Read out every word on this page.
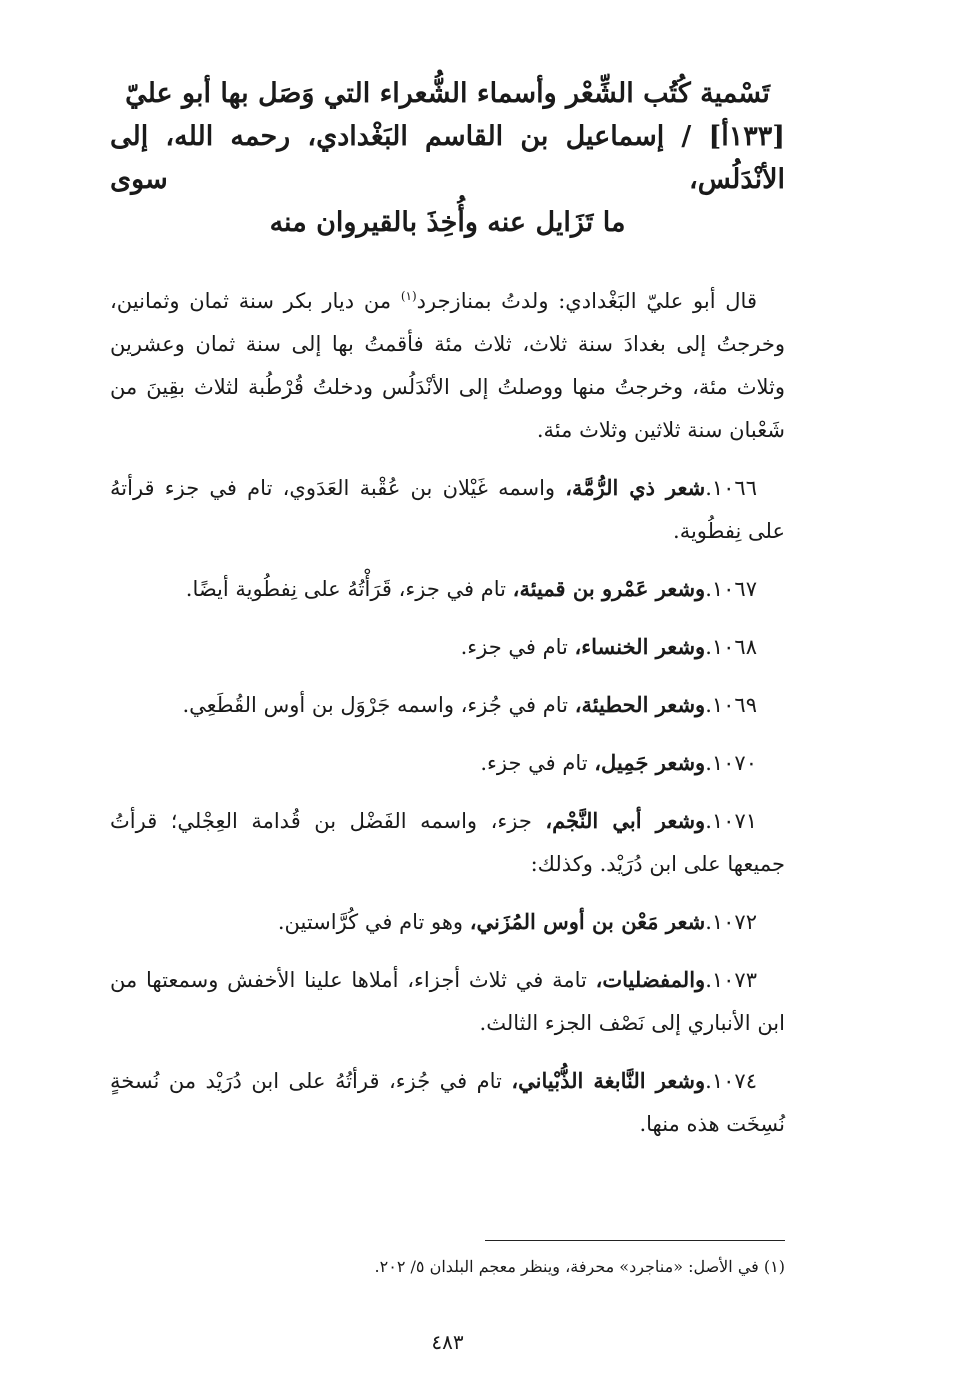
تَسْمية كُتُب الشِّعْر وأسماء الشُّعراء التي وَصَل بها أبو عليّ
[١٣٣أ] / إسماعيل بن القاسم البَغْدادي، رحمه الله، إلى الأنْدَلُس، سوى
ما تَزَايل عنه وأُخِذَ بالقيروان منه

قال أبو عليّ البَغْدادي: ولدتُ بمنازجرد$^{(١)}$ من ديار بكر سنة ثمان وثمانين، وخرجتُ إلى بغدادَ سنة ثلاث، ثلاث مئة فأقمتُ بها إلى سنة ثمان وعشرين وثلاث مئة، وخرجتُ منها ووصلتُ إلى الأنْدَلُس ودخلتُ قُرْطُبة لثلاث بقِينَ من شَعْبان سنة ثلاثين وثلاث مئة.

١٠٦٦.شعر ذي الرُّمَّة، واسمه غَيْلان بن عُقْبة العَدَوي، تام في جزء قرأتهُ على نِفطُوية.

١٠٦٧.وشعر عَمْرو بن قميئة، تام في جزء، قَرَأْتُهُ على نِفطُوية أيضًا.

١٠٦٨.وشعر الخنساء، تام في جزء.

١٠٦٩.وشعر الحطيئة، تام في جُزء، واسمه جَرْوَل بن أوس القُطَعِي.

١٠٧٠.وشعر جَمِيل، تام في جزء.

١٠٧١.وشعر أبي النَّجْم، جزء، واسمه الفَضْل بن قُدامة العِجْلي؛ قرأتُ جميعها على ابن دُرَيْد. وكذلك:

١٠٧٢.شعر مَعْن بن أوس المُزَني، وهو تام في كُرَّاستين.

١٠٧٣.والمفضليات، تامة في ثلاث أجزاء، أملاها علينا الأخفش وسمعتها من ابن الأنباري إلى نَصْف الجزء الثالث.

١٠٧٤.وشعر النَّابغة الذُّبْياني، تام في جُزء، قرأتُهُ على ابن دُرَيْد من نُسخةٍ نُسِخَت هذه منها.

(١) في الأصل: «مناجرد» محرفة، وينظر معجم البلدان ٥/ ٢٠٢.
٤٨٣
